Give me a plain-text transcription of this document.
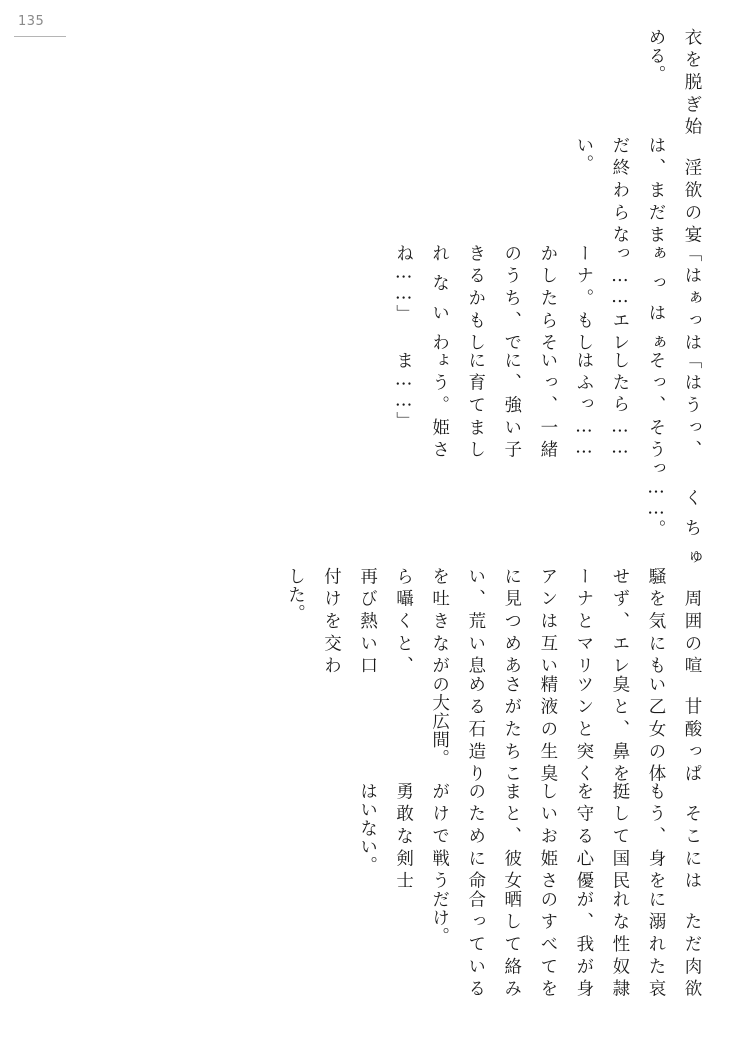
135

衣を脱ぎ始める。

　淫欲の宴は、まだまだ終わらない。

「はぁっはぁっはぁっ……エレーナ。もしかしたらそのうち、できるかもしれないわね……」

「はうっ、そっ、そうしたら……はふっ……いっ、一緒に、強い子に育てましょう。姫さま……」

　くちゅっ……。

　周囲の喧騒を気にもせず、エレーナとマリアンは互いに見つめあい、荒い息を吐きながら囁くと、再び熱い口付けを交わした。

　甘酸っぱい乙女の体臭と、鼻をツンと突く精液の生臭さがたちこめる石造りの大広間。

　そこにはもう、身を挺して国民を守る心優しいお姫さまと、彼女のために命がけで戦う勇敢な剣士はいない。

　ただ肉欲に溺れた哀れな性奴隷が、我が身のすべてを晒して絡み合っているだけ。
